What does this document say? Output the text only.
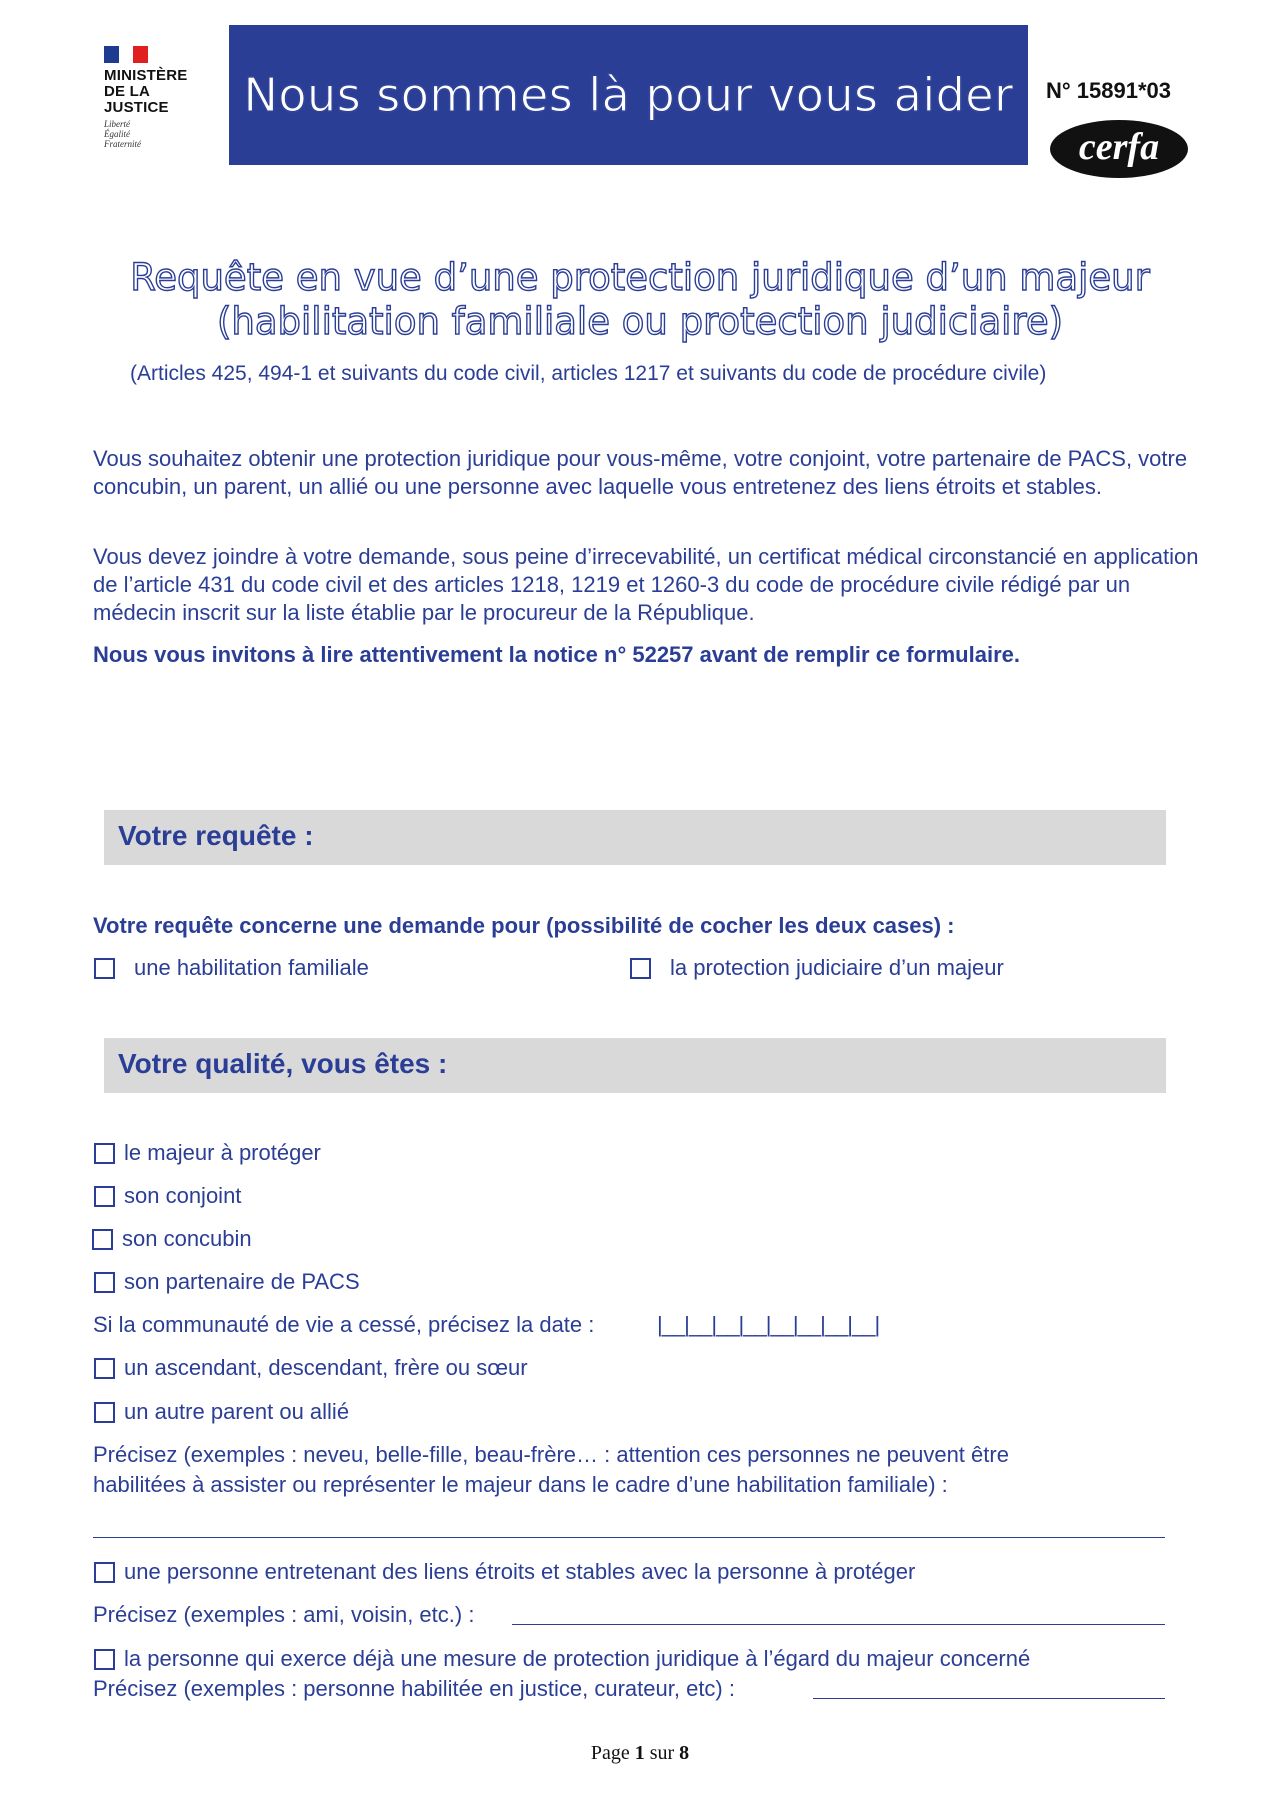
MINISTÈRE
DE LA JUSTICE
Liberté
Égalité
Fraternité
Nous sommes là pour vous aider N° 15891*03
cerfa
Requête en vue d’une protection juridique d’un majeur
(habilitation familiale ou protection judiciaire)
(Articles 425, 494-1 et suivants du code civil, articles 1217 et suivants du code de procédure civile)
Vous souhaitez obtenir une protection juridique pour vous-même, votre conjoint, votre partenaire de PACS, votre concubin, un parent, un allié ou une personne avec laquelle vous entretenez des liens étroits et stables.
Vous devez joindre à votre demande, sous peine d’irrecevabilité, un certificat médical circonstancié en application de l’article 431 du code civil et des articles 1218, 1219 et 1260-3 du code de procédure civile rédigé par un médecin inscrit sur la liste établie par le procureur de la République.
Nous vous invitons à lire attentivement la notice n° 52257 avant de remplir ce formulaire.
Votre requête :
Votre requête concerne une demande pour (possibilité de cocher les deux cases) :
une habilitation familiale	la protection judiciaire d’un majeur
Votre qualité, vous êtes :
le majeur à protéger
son conjoint
son concubin
son partenaire de PACS
Si la communauté de vie a cessé, précisez la date :	|__|__|__|__|__|__|__|__|
un ascendant, descendant, frère ou sœur
un autre parent ou allié
Précisez (exemples : neveu, belle-fille, beau-frère… : attention ces personnes ne peuvent être
habilitées à assister ou représenter le majeur dans le cadre d’une habilitation familiale) :
une personne entretenant des liens étroits et stables avec la personne à protéger
Précisez (exemples : ami, voisin, etc.) :
la personne qui exerce déjà une mesure de protection juridique à l’égard du majeur concerné
Précisez (exemples : personne habilitée en justice, curateur, etc) :
Page 1 sur 8
